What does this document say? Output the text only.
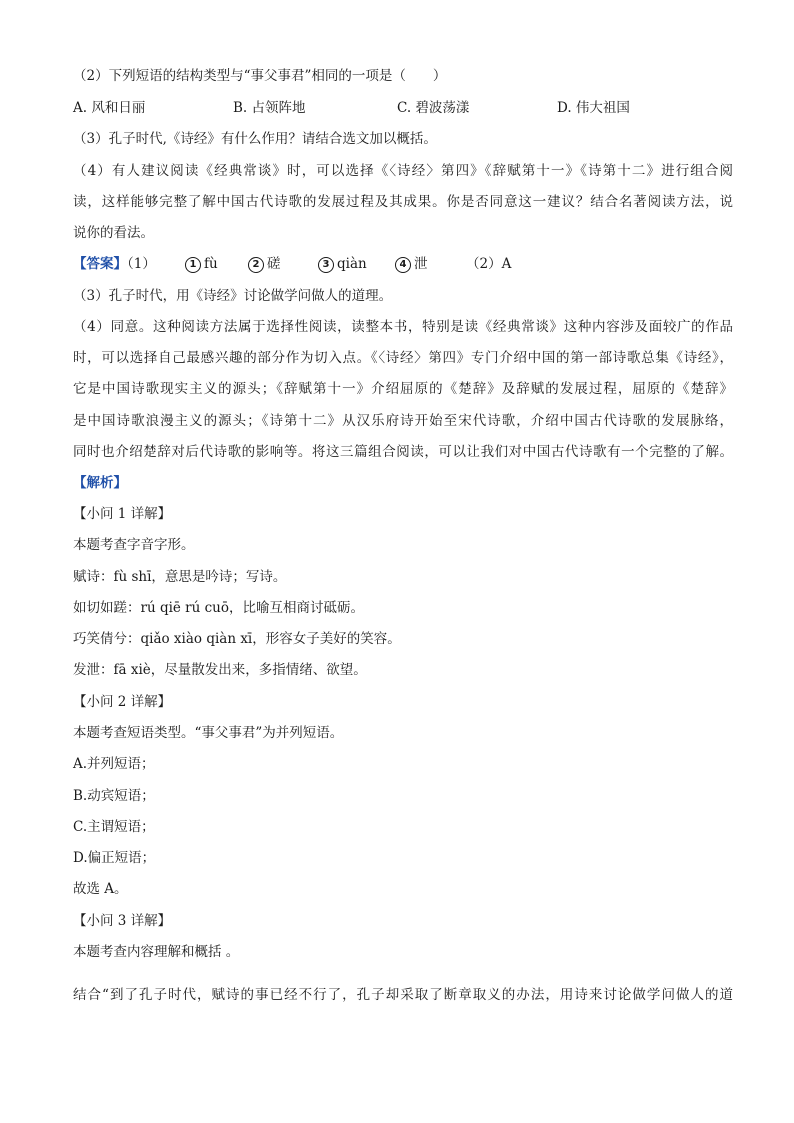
（2）下列短语的结构类型与“事父事君”相同的一项是（　　）
A. 风和日丽	B. 占领阵地	C. 碧波荡漾	D. 伟大祖国
（3）孔子时代,《诗经》有什么作用？请结合选文加以概括。
（4）有人建议阅读《经典常谈》时，可以选择《〈诗经〉第四》《辞赋第十一》《诗第十二》进行组合阅
读，这样能够完整了解中国古代诗歌的发展过程及其成果。你是否同意这一建议？结合名著阅读方法，说
说你的看法。
【答案】（1）	1 fù	2 磋	3 qiàn	4 泄	（2）A
（3）孔子时代，用《诗经》讨论做学问做人的道理。
（4）同意。这种阅读方法属于选择性阅读，读整本书，特别是读《经典常谈》这种内容涉及面较广的作品
时，可以选择自己最感兴趣的部分作为切入点。《〈诗经〉第四》专门介绍中国的第一部诗歌总集《诗经》，
它是中国诗歌现实主义的源头；《辞赋第十一》介绍屈原的《楚辞》及辞赋的发展过程，屈原的《楚辞》
是中国诗歌浪漫主义的源头；《诗第十二》从汉乐府诗开始至宋代诗歌，介绍中国古代诗歌的发展脉络，
同时也介绍楚辞对后代诗歌的影响等。将这三篇组合阅读，可以让我们对中国古代诗歌有一个完整的了解。
【解析】
【小问 1 详解】
本题考查字音字形。
赋诗：fù shī，意思是吟诗；写诗。
如切如蹉：rú qiē rú cuō，比喻互相商讨砥砺。
巧笑倩兮：qiǎo xiào qiàn xī，形容女子美好的笑容。
发泄：fā xiè，尽量散发出来，多指情绪、欲望。
【小问 2 详解】
本题考查短语类型。“事父事君”为并列短语。
A.并列短语；
B.动宾短语；
C.主谓短语；
D.偏正短语；
故选 A。
【小问 3 详解】
本题考查内容理解和概括 。
结合“到了孔子时代，赋诗的事已经不行了，孔子却采取了断章取义的办法，用诗来讨论做学问做人的道
